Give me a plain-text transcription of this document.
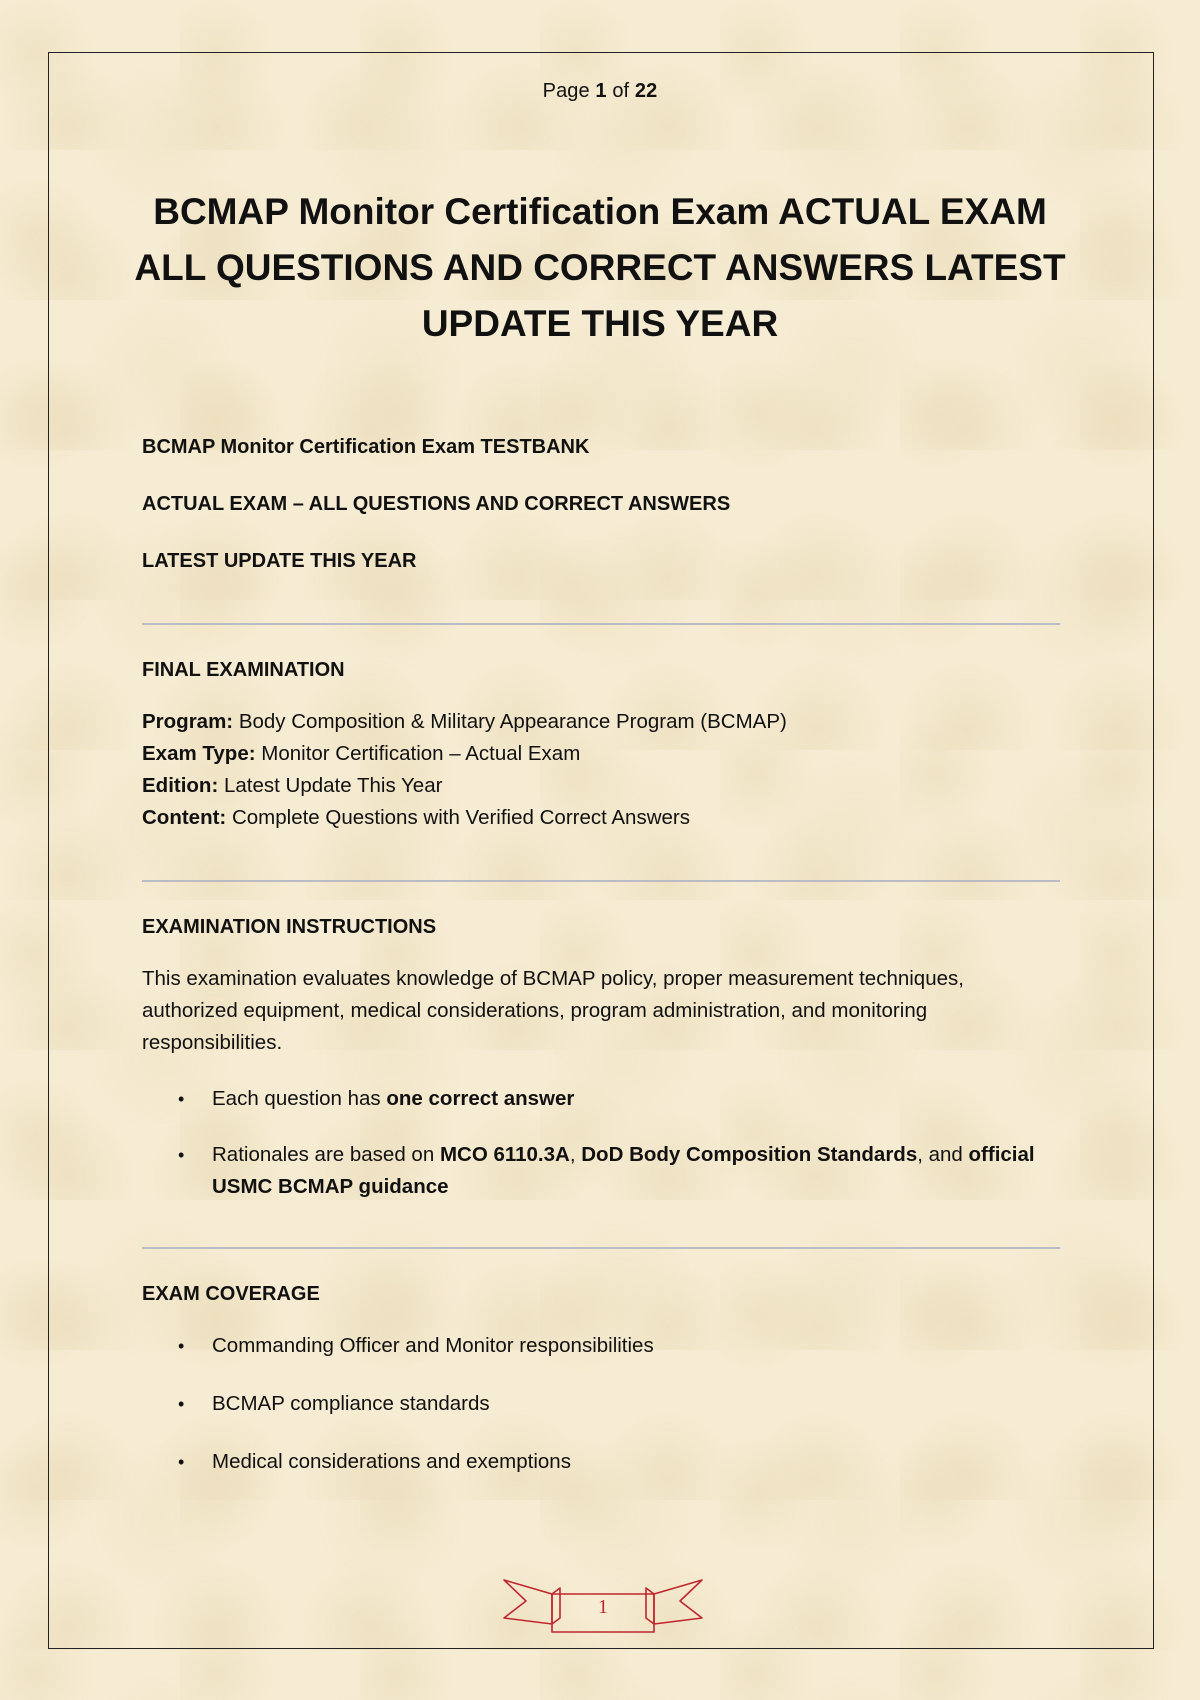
Page 1 of 22
BCMAP Monitor Certification Exam ACTUAL EXAM
ALL QUESTIONS AND CORRECT ANSWERS LATEST
UPDATE THIS YEAR

BCMAP Monitor Certification Exam TESTBANK

ACTUAL EXAM – ALL QUESTIONS AND CORRECT ANSWERS

LATEST UPDATE THIS YEAR

FINAL EXAMINATION

Program: Body Composition & Military Appearance Program (BCMAP)

Exam Type: Monitor Certification – Actual Exam

Edition: Latest Update This Year

Content: Complete Questions with Verified Correct Answers

EXAMINATION INSTRUCTIONS

This examination evaluates knowledge of BCMAP policy, proper measurement techniques,
authorized equipment, medical considerations, program administration, and monitoring
responsibilities.
• Each question has one correct answer
• Rationales are based on MCO 6110.3A, DoD Body Composition Standards, and official
USMC BCMAP guidance

EXAM COVERAGE

• Commanding Officer and Monitor responsibilities
• BCMAP compliance standards
• Medical considerations and exemptions
1
